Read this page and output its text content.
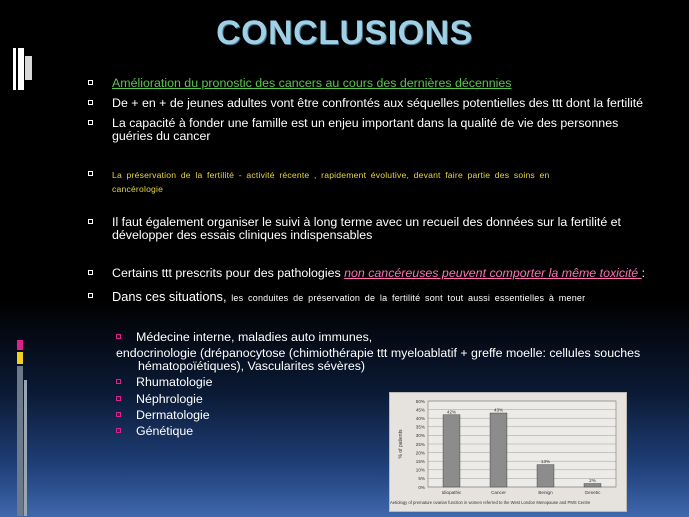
CONCLUSIONS
Amélioration du pronostic des cancers au cours des dernières décennies
De + en + de jeunes adultes vont être confrontés aux séquelles potentielles des ttt dont la fertilité
La capacité à fonder une famille est un enjeu important dans la qualité de vie des personnes
guéries du cancer
La préservation de la fertilité - activité récente , rapidement évolutive, devant faire partie des soins en
cancérologie
Il faut également organiser le suivi à long terme avec un recueil des données sur la fertilité et
développer des essais cliniques indispensables
Certains ttt prescrits pour des pathologies non cancéreuses peuvent comporter la même toxicité :
Dans ces situations, les conduites de préservation de la fertilité sont tout aussi essentielles à mener
Médecine interne, maladies auto immunes,
endocrinologie (drépanocytose (chimiothérapie ttt myeloablatif + greffe moelle: cellules souches
hématopoïétiques), Vascularites sévères)
Rhumatologie
Néphrologie
Dermatologie
Génétique
0%
5%
10%
15%
20%
25%
30%
35%
40%
45%
50%
% of patients
42%
Idiopathic
43%
Cancer
13%
Benign
2%
Genetic
Aetiology of premature ovarian function in women referred to the West London Menopause and PMS Centre
